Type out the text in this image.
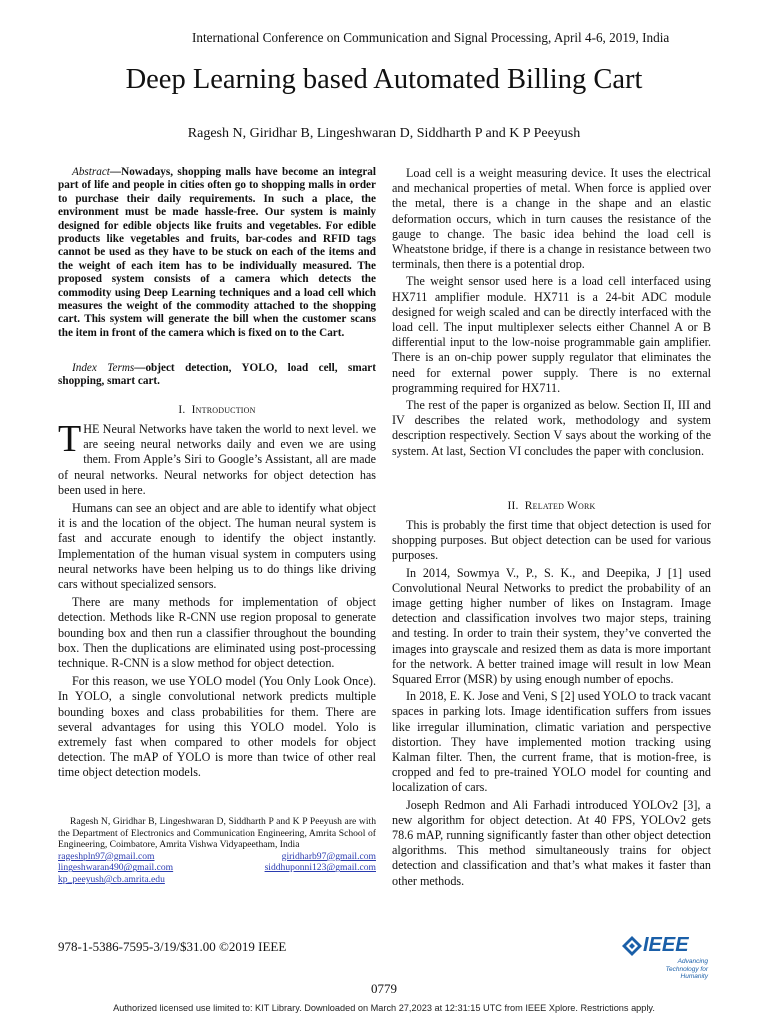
International Conference on Communication and Signal Processing, April 4-6, 2019, India
Deep Learning based Automated Billing Cart
Ragesh N, Giridhar B, Lingeshwaran D, Siddharth P and K P Peeyush

Abstract—Nowadays, shopping malls have become an integral part of life and people in cities often go to shopping malls in order to purchase their daily requirements. In such a place, the environment must be made hassle-free. Our system is mainly designed for edible objects like fruits and vegetables. For edible products like vegetables and fruits, bar-codes and RFID tags cannot be used as they have to be stuck on each of the items and the weight of each item has to be individually measured. The proposed system consists of a camera which detects the commodity using Deep Learning techniques and a load cell which measures the weight of the commodity attached to the shopping cart. This system will generate the bill when the customer scans the item in front of the camera which is fixed on to the Cart.

Index Terms—object detection, YOLO, load cell, smart shopping, smart cart.

I. Introduction

THE Neural Networks have taken the world to next level. we are seeing neural networks daily and even we are using them. From Apple’s Siri to Google’s Assistant, all are made of neural networks. Neural networks for object detection has been used in here.

Humans can see an object and are able to identify what object it is and the location of the object. The human neural system is fast and accurate enough to identify the object instantly. Implementation of the human visual system in computers using neural networks have been helping us to do things like driving cars without specialized sensors.

There are many methods for implementation of object detection. Methods like R-CNN use region proposal to generate bounding box and then run a classifier throughout the bounding box. Then the duplications are eliminated using post-processing technique. R-CNN is a slow method for object detection.

For this reason, we use YOLO model (You Only Look Once). In YOLO, a single convolutional network predicts multiple bounding boxes and class probabilities for them. There are several advantages for using this YOLO model. Yolo is extremely fast when compared to other models for object detection. The mAP of YOLO is more than twice of other real time object detection models.

Ragesh N, Giridhar B, Lingeshwaran D, Siddharth P and K P Peeyush are with the Department of Electronics and Communication Engineering, Amrita School of Engineering, Coimbatore, Amrita Vishwa Vidyapeetham, India

rageshpln97@gmail.com	giridharb97@gmail.com
lingeshwaran490@gmail.com	siddhuponni123@gmail.com
kp_peeyush@cb.amrita.edu

Load cell is a weight measuring device. It uses the electrical and mechanical properties of metal. When force is applied over the metal, there is a change in the shape and an elastic deformation occurs, which in turn causes the resistance of the gauge to change. The basic idea behind the load cell is Wheatstone bridge, if there is a change in resistance between two terminals, then there is a potential drop.

The weight sensor used here is a load cell interfaced using HX711 amplifier module. HX711 is a 24-bit ADC module designed for weigh scaled and can be directly interfaced with the load cell. The input multiplexer selects either Channel A or B differential input to the low-noise programmable gain amplifier. There is an on-chip power supply regulator that eliminates the need for external power supply. There is no external programming required for HX711.

The rest of the paper is organized as below. Section II, III and IV describes the related work, methodology and system description respectively. Section V says about the working of the system. At last, Section VI concludes the paper with conclusion.

II. Related Work

This is probably the first time that object detection is used for shopping purposes. But object detection can be used for various purposes.

In 2014, Sowmya V., P., S. K., and Deepika, J [1] used Convolutional Neural Networks to predict the probability of an image getting higher number of likes on Instagram. Image detection and classification involves two major steps, training and testing. In order to train their system, they’ve converted the images into grayscale and resized them as data is more important for the network. A better trained image will result in low Mean Squared Error (MSR) by using enough number of epochs.

In 2018, E. K. Jose and Veni, S [2] used YOLO to track vacant spaces in parking lots. Image identification suffers from issues like irregular illumination, climatic variation and perspective distortion. They have implemented motion tracking using Kalman filter. Then, the current frame, that is motion-free, is cropped and fed to pre-trained YOLO model for counting and localization of cars.

Joseph Redmon and Ali Farhadi introduced YOLOv2 [3], a new algorithm for object detection. At 40 FPS, YOLOv2 gets 78.6 mAP, running significantly faster than other object detection algorithms. This method simultaneously trains for object detection and classification and that’s what makes it faster than other methods.

978-1-5386-7595-3/19/$31.00 ©2019 IEEE	IEEE
Advancing Technology for Humanity
0779
Authorized licensed use limited to: KIT Library. Downloaded on March 27,2023 at 12:31:15 UTC from IEEE Xplore. Restrictions apply.
